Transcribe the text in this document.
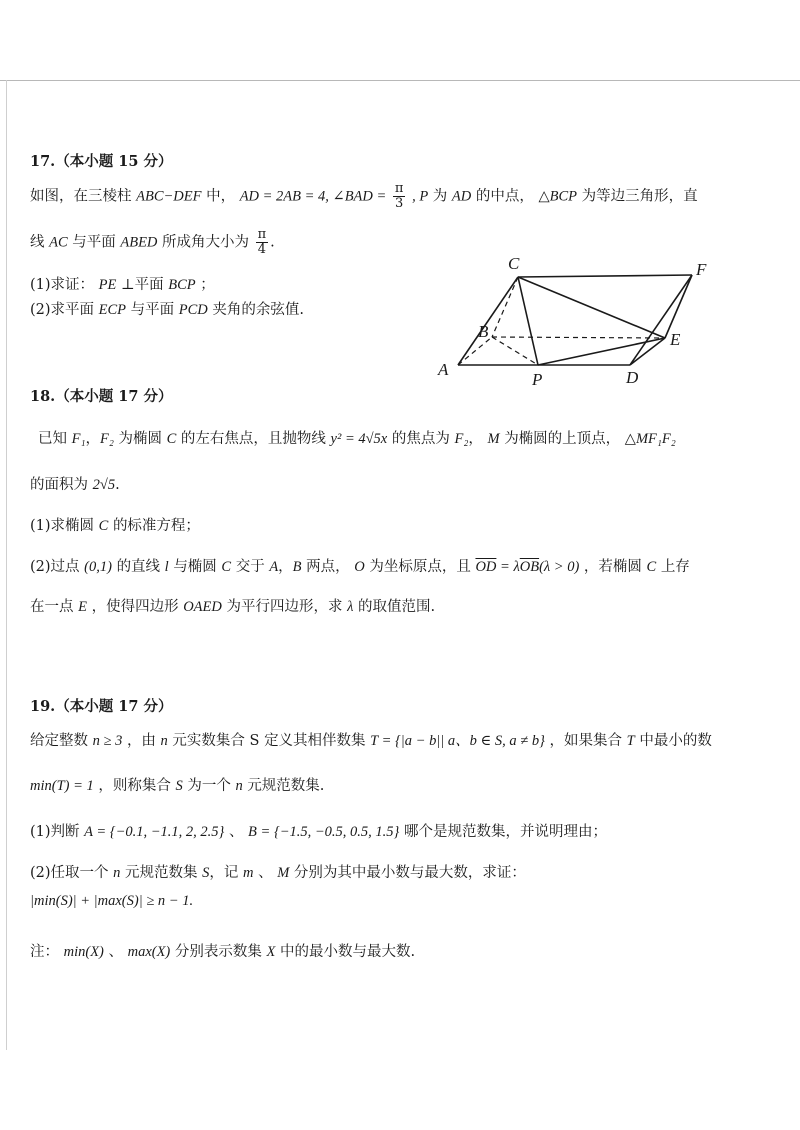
17.（本小题 15 分）
如图，在三棱柱 ABC−DEF 中， AD = 2AB = 4, ∠BAD = $\frac{\pi}{3}$ , P 为 AD 的中点， △BCP 为等边三角形，直
线 AC 与平面 ABED 所成角大小为 $\frac{\pi}{4}$ .
(1)求证： PE ⊥平面 BCP ；
(2)求平面 ECP 与平面 PCD 夹角的余弦值.
C	F
B	E
A
P	D
18.（本小题 17 分）
已知 F₁，F₂ 为椭圆 C 的左右焦点，且抛物线 y² = 4√5x 的焦点为 F₂， M 为椭圆的上顶点， △MF₁F₂
的面积为 2√5.
(1)求椭圆 C 的标准方程；
(2)过点 (0,1) 的直线 l 与椭圆 C 交于 A，B 两点， O 为坐标原点，且 $\overline{OD} = \lambda\overline{OB}(\lambda > 0)$ ，若椭圆 C 上存
在一点 E ，使得四边形 OAED 为平行四边形，求 λ 的取值范围.
19.（本小题 17 分）
给定整数 n ≥ 3 ，由 n 元实数集合 S 定义其相伴数集 T = {|a − b|| a、b ∈ S, a ≠ b} ，如果集合 T 中最小的数
min(T) = 1 ，则称集合 S 为一个 n 元规范数集.
(1)判断 A = {−0.1, −1.1, 2, 2.5} 、 B = {−1.5, −0.5, 0.5, 1.5} 哪个是规范数集，并说明理由；
(2)任取一个 n 元规范数集 S，记 m 、 M 分别为其中最小数与最大数，求证：
|min(S)| + |max(S)| ≥ n − 1.
注： min(X) 、 max(X) 分别表示数集 X 中的最小数与最大数.
